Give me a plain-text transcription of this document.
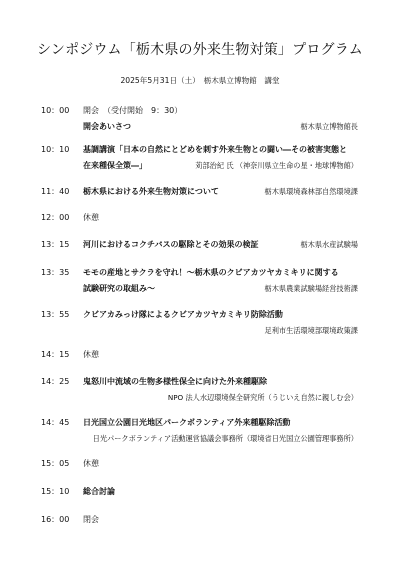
シンポジウム「栃木県の外来生物対策」プログラム
2025年5月31日（土）　栃木県立博物館　講堂
10：00 開会　（受付開始　9：30）
開会あいさつ	栃木県立博物館長
10：10 基調講演「日本の自然にとどめを刺す外来生物との闘い―その被害実態と
在来種保全策―」	苅部治紀 氏 （神奈川県立生命の星・地球博物館）
11：40 栃木県における外来生物対策について	栃木県環境森林部自然環境課
12：00 休憩
13：15 河川におけるコクチバスの駆除とその効果の検証	栃木県水産試験場
13：35 モモの産地とサクラを守れ！～栃木県のクビアカツヤカミキリに関する
試験研究の取組み～	栃木県農業試験場経営技術課
13：55 クビアカみっけ隊によるクビアカツヤカミキリ防除活動
足利市生活環境部環境政策課
14：15 休憩
14：25 鬼怒川中流域の生物多様性保全に向けた外来種駆除
NPO 法人水辺環境保全研究所（うじいえ自然に親しむ会）
14：45 日光国立公園日光地区パークボランティア外来種駆除活動
日光パークボランティア活動運営協議会事務所（環境省日光国立公園管理事務所）
15：05 休憩
15：10 総合討論
16：00 閉会
